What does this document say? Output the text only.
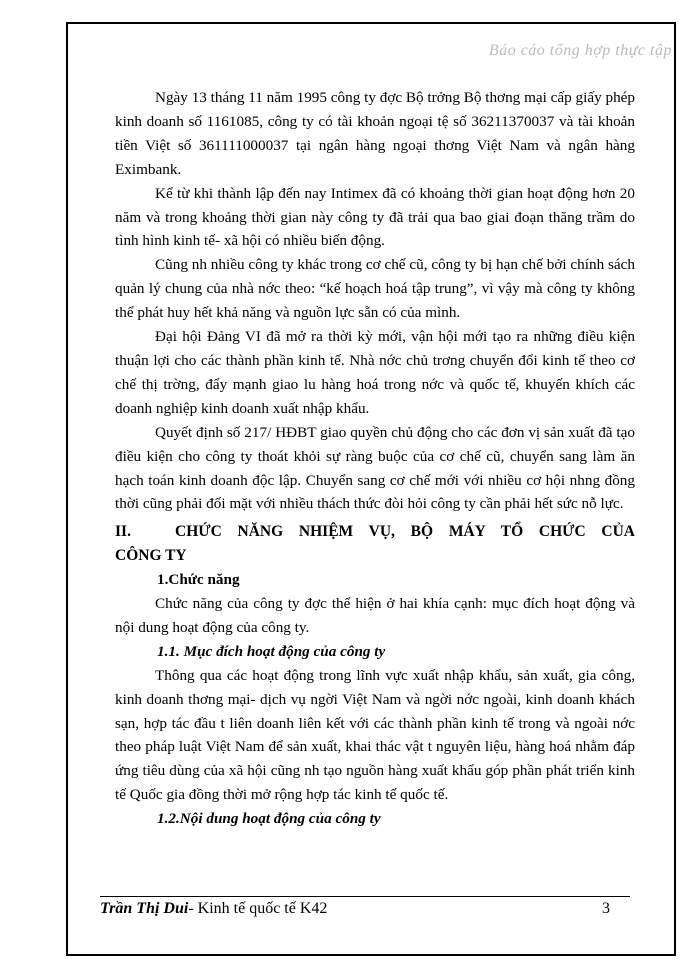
Báo cáo tổng hợp thực tập

Ngày 13 tháng 11 năm 1995 công ty đợc Bộ trởng Bộ thơng mại cấp giấy phép kinh doanh số 1161085, công ty có tài khoản ngoại tệ số 36211370037 và tài khoản tiền Việt số 361111000037 tại ngân hàng ngoại thơng Việt Nam và ngân hàng Eximbank.

Kể từ khi thành lập đến nay Intimex đã có khoảng thời gian hoạt động hơn 20 năm và trong khoảng thời gian này công ty đã trải qua bao giai đoạn thăng trầm do tình hình kinh tế- xã hội có nhiều biến động.

Cũng nh nhiều công ty khác trong cơ chế cũ, công ty bị hạn chế bởi chính sách quản lý chung của nhà nớc theo: “kế hoạch hoá tập trung”, vì vậy mà công ty không thể phát huy hết khả năng và nguồn lực sẵn có của mình.

Đại hội Đảng VI đã mở ra thời kỳ mới, vận hội mới tạo ra những điều kiện thuận lợi cho các thành phần kinh tế. Nhà nớc chủ trơng chuyển đổi kinh tế theo cơ chế thị trờng, đẩy mạnh giao lu hàng hoá trong nớc và quốc tế, khuyến khích các doanh nghiệp kinh doanh xuất nhập khẩu.

Quyết định số 217/ HĐBT giao quyền chủ động cho các đơn vị sản xuất đã tạo điều kiện cho công ty thoát khỏi sự ràng buộc của cơ chế cũ, chuyển sang làm ăn hạch toán kinh doanh độc lập. Chuyển sang cơ chế mới với nhiều cơ hội nhng đồng thời cũng phải đối mặt với nhiều thách thức đòi hỏi công ty cần phải hết sức nỗ lực.

II.	CHỨC NĂNG NHIỆM VỤ, BỘ MÁY TỔ CHỨC CỦA
CÔNG TY
1.Chức năng

Chức năng của công ty đợc thể hiện ở hai khía cạnh: mục đích hoạt động và nội dung hoạt động của công ty.

1.1. Mục đích hoạt động của công ty

Thông qua các hoạt động trong lĩnh vực xuất nhập khẩu, sản xuất, gia công, kinh doanh thơng mại- dịch vụ ngời Việt Nam và ngời nớc ngoài, kinh doanh khách sạn, hợp tác đầu t liên doanh liên kết với các thành phần kinh tế trong và ngoài nớc theo pháp luật Việt Nam để sản xuất, khai thác vật t nguyên liệu, hàng hoá nhằm đáp ứng tiêu dùng của xã hội cũng nh tạo nguồn hàng xuất khẩu góp phần phát triển kinh tế Quốc gia đồng thời mở rộng hợp tác kinh tế quốc tế.

1.2.Nội dung hoạt động của công ty
Trần Thị Dui- Kinh tế quốc tế K42	3
